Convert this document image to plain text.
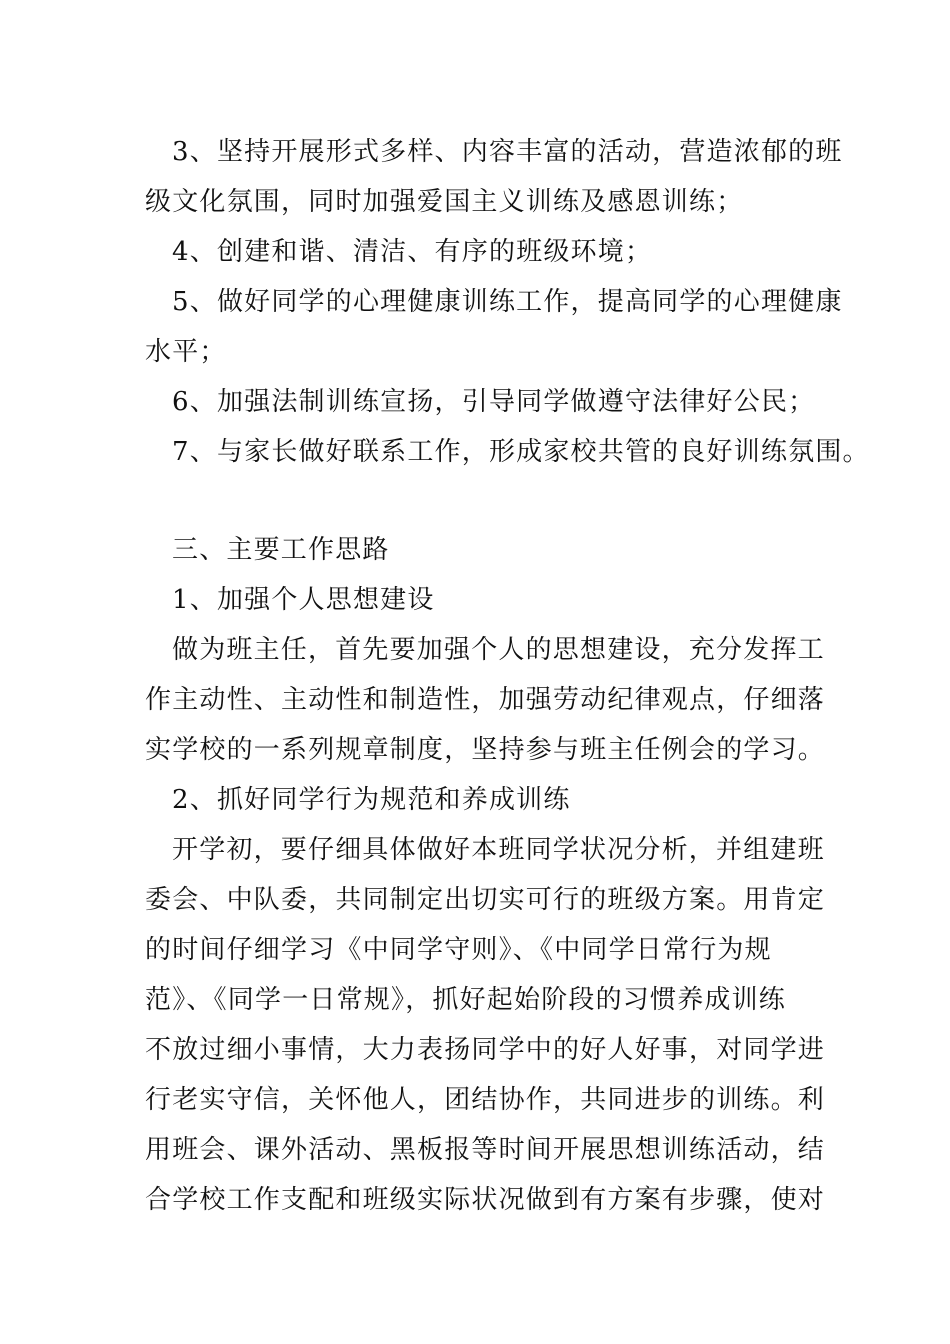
3、坚持开展形式多样、内容丰富的活动，营造浓郁的班
级文化氛围，同时加强爱国主义训练及感恩训练；
4、创建和谐、清洁、有序的班级环境；
5、做好同学的心理健康训练工作，提高同学的心理健康
水平；
6、加强法制训练宣扬，引导同学做遵守法律好公民；
7、与家长做好联系工作，形成家校共管的良好训练氛围。
三、主要工作思路
1、加强个人思想建设
做为班主任，首先要加强个人的思想建设，充分发挥工
作主动性、主动性和制造性，加强劳动纪律观点，仔细落
实学校的一系列规章制度，坚持参与班主任例会的学习。
2、抓好同学行为规范和养成训练
开学初，要仔细具体做好本班同学状况分析，并组建班
委会、中队委，共同制定出切实可行的班级方案。用肯定
的时间仔细学习《中同学守则》、《中同学日常行为规
范》、《同学一日常规》，抓好起始阶段的习惯养成训练
不放过细小事情，大力表扬同学中的好人好事，对同学进
行老实守信，关怀他人，团结协作，共同进步的训练。利
用班会、课外活动、黑板报等时间开展思想训练活动，结
合学校工作支配和班级实际状况做到有方案有步骤，使对
